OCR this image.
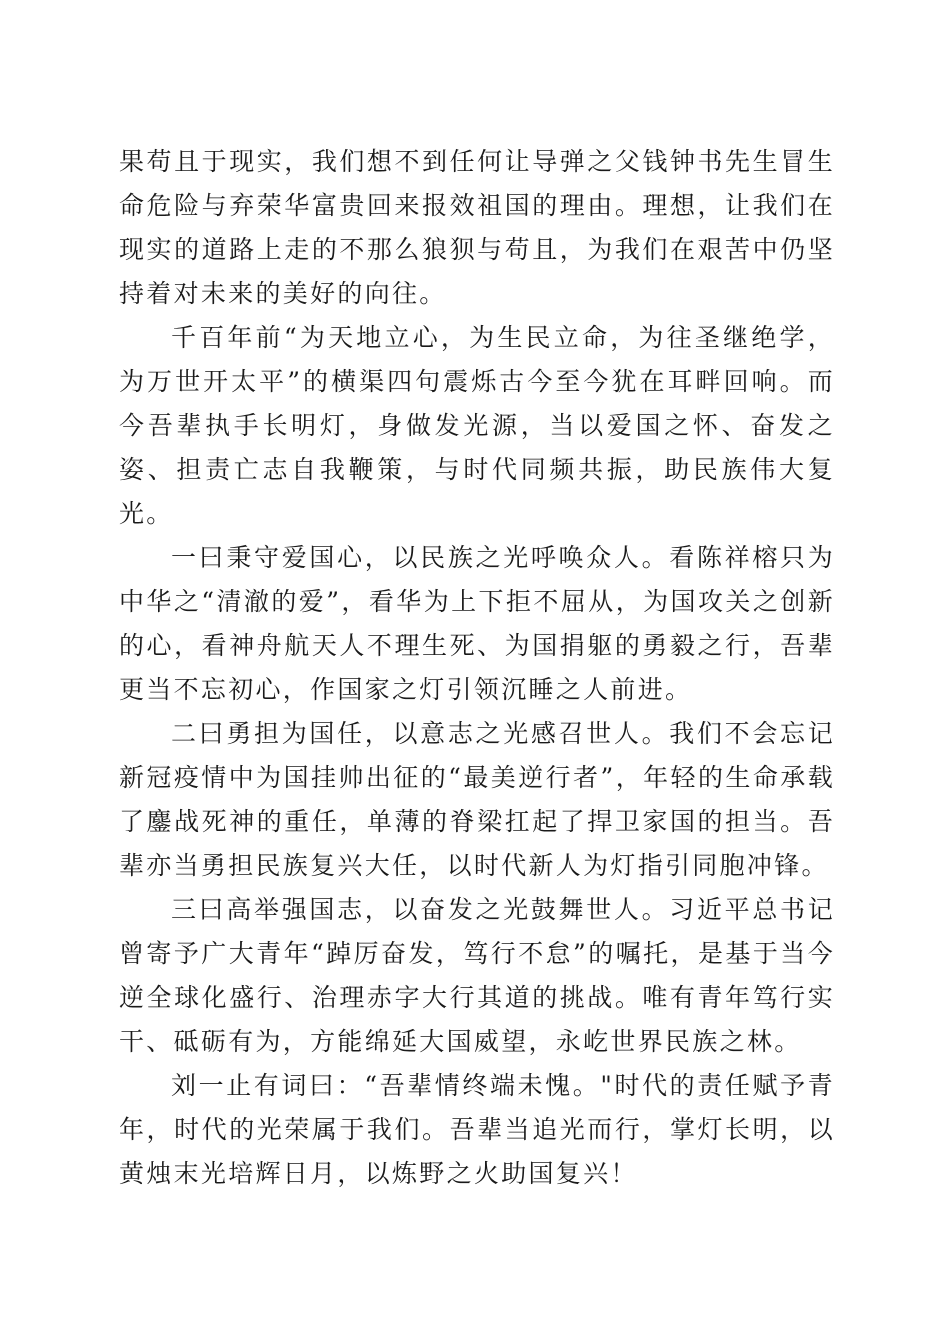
果苟且于现实，我们想不到任何让导弹之父钱钟书先生冒生命危险与弃荣华富贵回来报效祖国的理由。理想，让我们在现实的道路上走的不那么狼狈与苟且，为我们在艰苦中仍坚持着对未来的美好的向往。

千百年前“为天地立心，为生民立命，为往圣继绝学，为万世开太平”的横渠四句震烁古今至今犹在耳畔回响。而今吾辈执手长明灯，身做发光源，当以爱国之怀、奋发之姿、担责亡志自我鞭策，与时代同频共振，助民族伟大复光。

一曰秉守爱国心，以民族之光呼唤众人。看陈祥榕只为中华之“清澈的爱”，看华为上下拒不屈从，为国攻关之创新的心，看神舟航天人不理生死、为国捐躯的勇毅之行，吾辈更当不忘初心，作国家之灯引领沉睡之人前进。

二曰勇担为国任，以意志之光感召世人。我们不会忘记新冠疫情中为国挂帅出征的“最美逆行者”，年轻的生命承载了鏖战死神的重任，单薄的脊梁扛起了捍卫家国的担当。吾辈亦当勇担民族复兴大任，以时代新人为灯指引同胞冲锋。

三曰高举强国志，以奋发之光鼓舞世人。习近平总书记曾寄予广大青年“踔厉奋发，笃行不怠”的嘱托，是基于当今逆全球化盛行、治理赤字大行其道的挑战。唯有青年笃行实干、砥砺有为，方能绵延大国威望，永屹世界民族之林。

刘一止有词曰：“吾辈情终端未愧。"时代的责任赋予青年，时代的光荣属于我们。吾辈当追光而行，掌灯长明，以黄烛末光培辉日月，以炼野之火助国复兴！
